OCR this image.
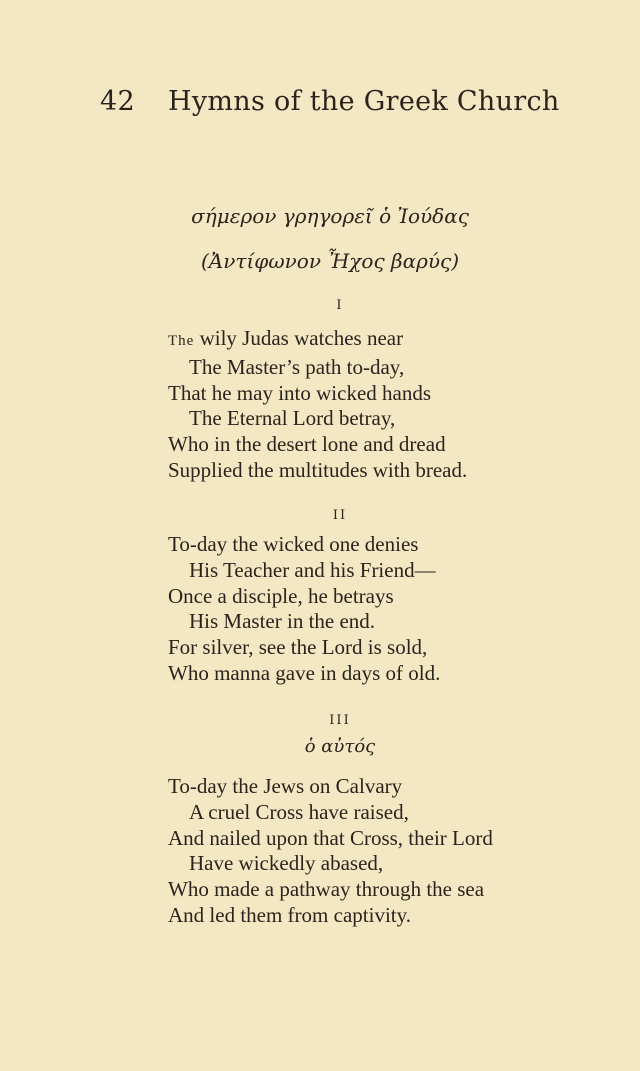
42 Hymns of the Greek Church
σήμερον γρηγορεῖ ὁ Ἰούδας
(Ἀντίφωνον Ἦχος βαρύς)
I
The wily Judas watches near
The Master’s path to-day,
That he may into wicked hands
The Eternal Lord betray,
Who in the desert lone and dread
Supplied the multitudes with bread.
II
To-day the wicked one denies
His Teacher and his Friend—
Once a disciple, he betrays
His Master in the end.
For silver, see the Lord is sold,
Who manna gave in days of old.
III
ὁ αὐτός
To-day the Jews on Calvary
A cruel Cross have raised,
And nailed upon that Cross, their Lord
Have wickedly abased,
Who made a pathway through the sea
And led them from captivity.
